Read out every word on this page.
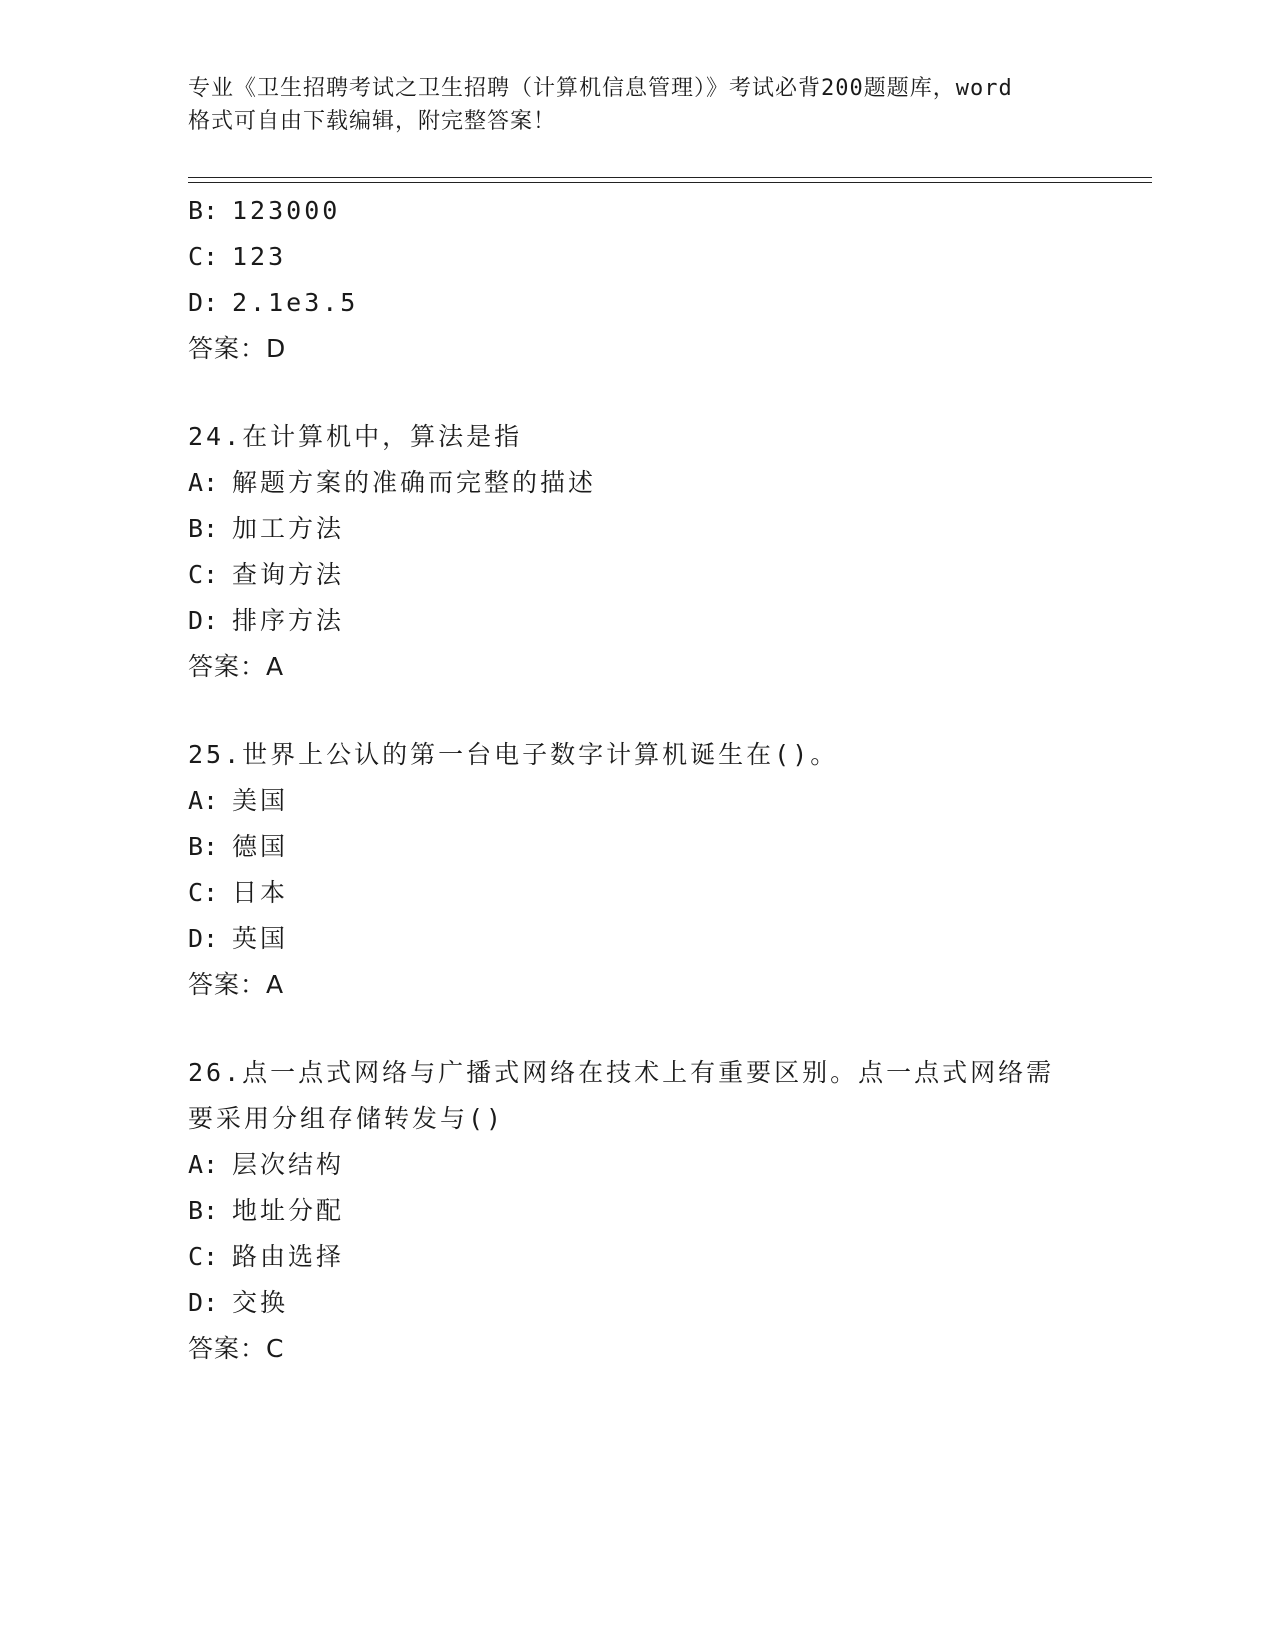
专业《卫生招聘考试之卫生招聘（计算机信息管理）》考试必背200题题库，word
格式可自由下载编辑，附完整答案！
B: 123000
C: 123
D: 2.1e3.5
答案：D
24.在计算机中，算法是指
A: 解题方案的准确而完整的描述
B: 加工方法
C: 查询方法
D: 排序方法
答案：A
25.世界上公认的第一台电子数字计算机诞生在()。
A: 美国
B: 德国
C: 日本
D: 英国
答案：A
26.点一点式网络与广播式网络在技术上有重要区别。点一点式网络需
要采用分组存储转发与()
A: 层次结构
B: 地址分配
C: 路由选择
D: 交换
答案：C
